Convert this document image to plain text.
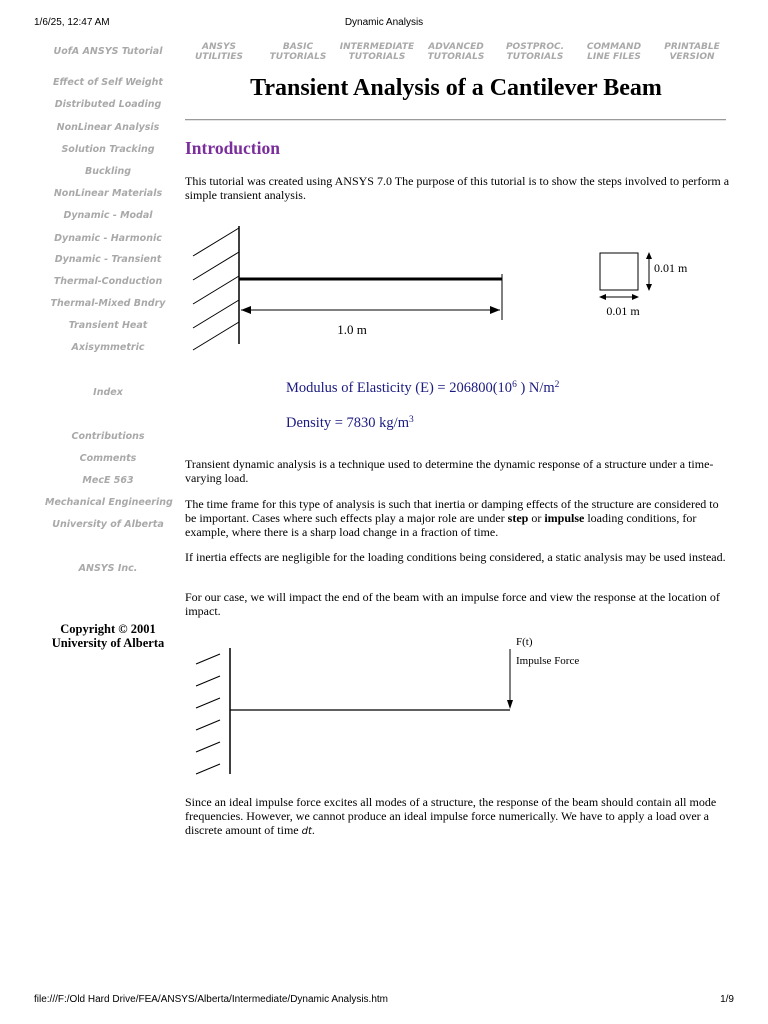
1/6/25, 12:47 AM	Dynamic Analysis
UofA ANSYS Tutorial
Effect of Self Weight
Distributed Loading
NonLinear Analysis
Solution Tracking
Buckling
NonLinear Materials
Dynamic - Modal
Dynamic - Harmonic
Dynamic - Transient
Thermal-Conduction
Thermal-Mixed Bndry
Transient Heat
Axisymmetric
Index
Contributions
Comments
MecE 563
Mechanical Engineering
University of Alberta
ANSYS Inc.
Copyright © 2001
University of Alberta
ANSYS
UTILITIES
BASIC
TUTORIALS
INTERMEDIATE
TUTORIALS
ADVANCED
TUTORIALS
POSTPROC.
TUTORIALS
COMMAND
LINE FILES
PRINTABLE
VERSION
Transient Analysis of a Cantilever Beam
Introduction

This tutorial was created using ANSYS 7.0 The purpose of this tutorial is to show the steps involved to perform a simple transient analysis.

1.0 m
0.01 m
0.01 m
Modulus of Elasticity $(E) = 206800(10^6$ ) $N/m^2$
Density = 7830 $kg/m^3$

Transient dynamic analysis is a technique used to determine the dynamic response of a structure under a time-varying load.

The time frame for this type of analysis is such that inertia or damping effects of the structure are considered to be important. Cases where such effects play a major role are under step or impulse loading conditions, for example, where there is a sharp load change in a fraction of time.

If inertia effects are negligible for the loading conditions being considered, a static analysis may be used instead.

For our case, we will impact the end of the beam with an impulse force and view the response at the location of impact.

F(t)
Impulse Force

Since an ideal impulse force excites all modes of a structure, the response of the beam should contain all mode frequencies. However, we cannot produce an ideal impulse force numerically. We have to apply a load over a discrete amount of time dt.

file:///F:/Old Hard Drive/FEA/ANSYS/Alberta/Intermediate/Dynamic Analysis.htm	1/9
